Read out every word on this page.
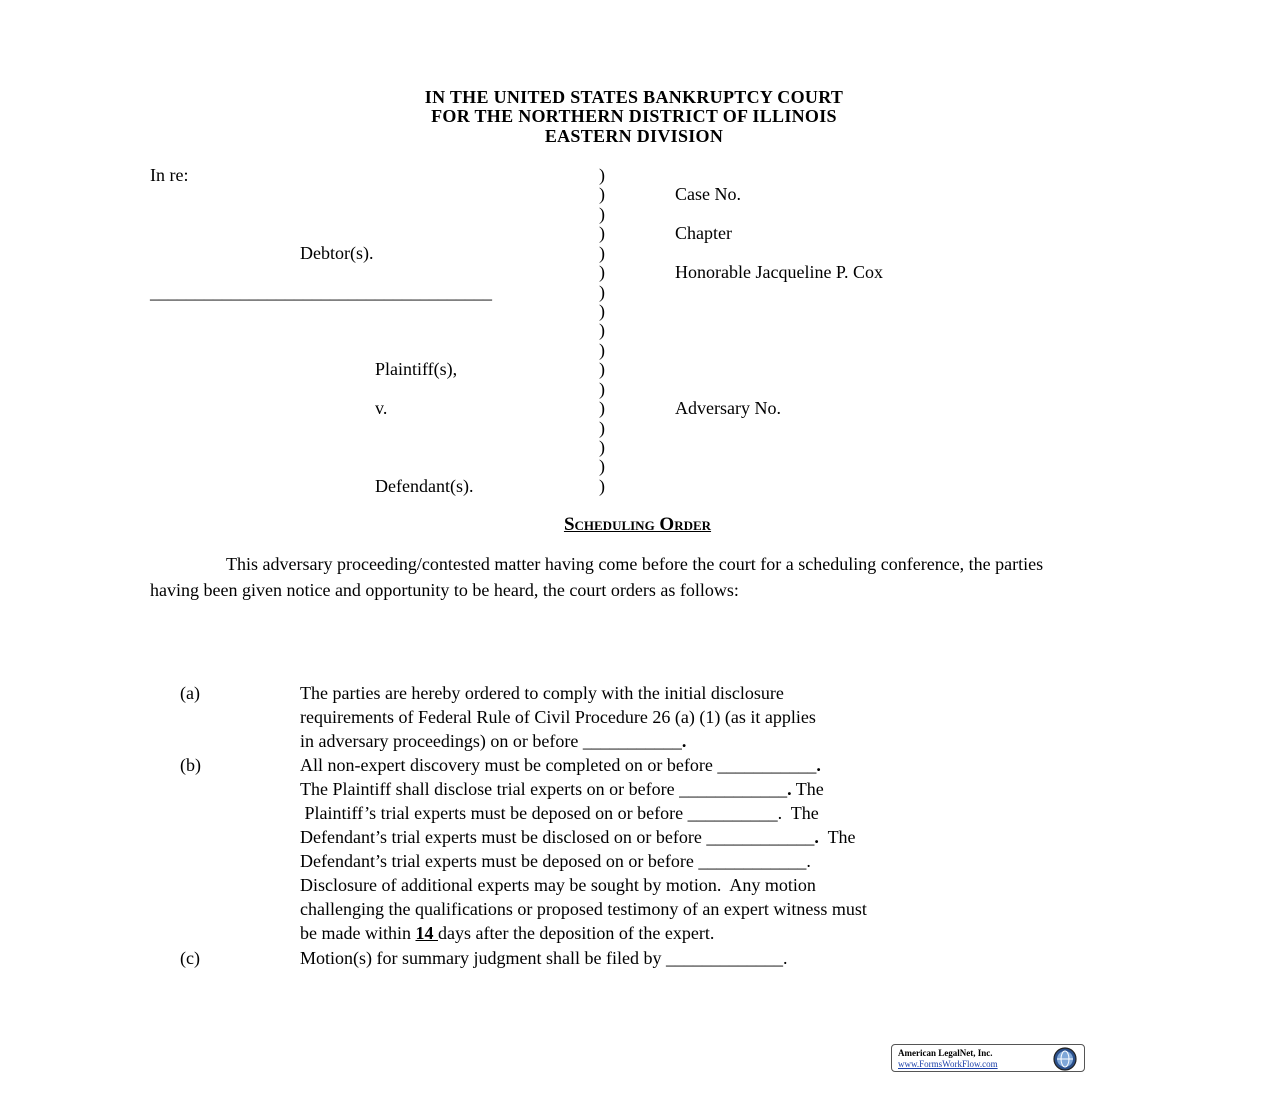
IN THE UNITED STATES BANKRUPTCY COURT
FOR THE NORTHERN DISTRICT OF ILLINOIS
EASTERN DIVISION
In re:
Debtor(s).
______________________________________
Plaintiff(s),
v.
Defendant(s).
)
)
)
)
)
)
)
)
)
)
)
)
)
)
)
)
)
Case No.
Chapter
Honorable Jacqueline P. Cox
Adversary No.
Scheduling Order
This adversary proceeding/contested matter having come before the court for a scheduling conference, the parties having been given notice and opportunity to be heard, the court orders as follows:
(a)	The parties are hereby ordered to comply with the initial disclosure
requirements of Federal Rule of Civil Procedure 26 (a) (1) (as it applies
in adversary proceedings) on or before ___________.
(b)	All non-expert discovery must be completed on or before ___________.
The Plaintiff shall disclose trial experts on or before ____________. The
Plaintiff’s trial experts must be deposed on or before __________.  The
Defendant’s trial experts must be disclosed on or before ____________.  The
Defendant’s trial experts must be deposed on or before ____________.
Disclosure of additional experts may be sought by motion.  Any motion
challenging the qualifications or proposed testimony of an expert witness must
be made within 14 days after the deposition of the expert.
(c)	Motion(s) for summary judgment shall be filed by _____________.
American LegalNet, Inc.
www.FormsWorkFlow.com
